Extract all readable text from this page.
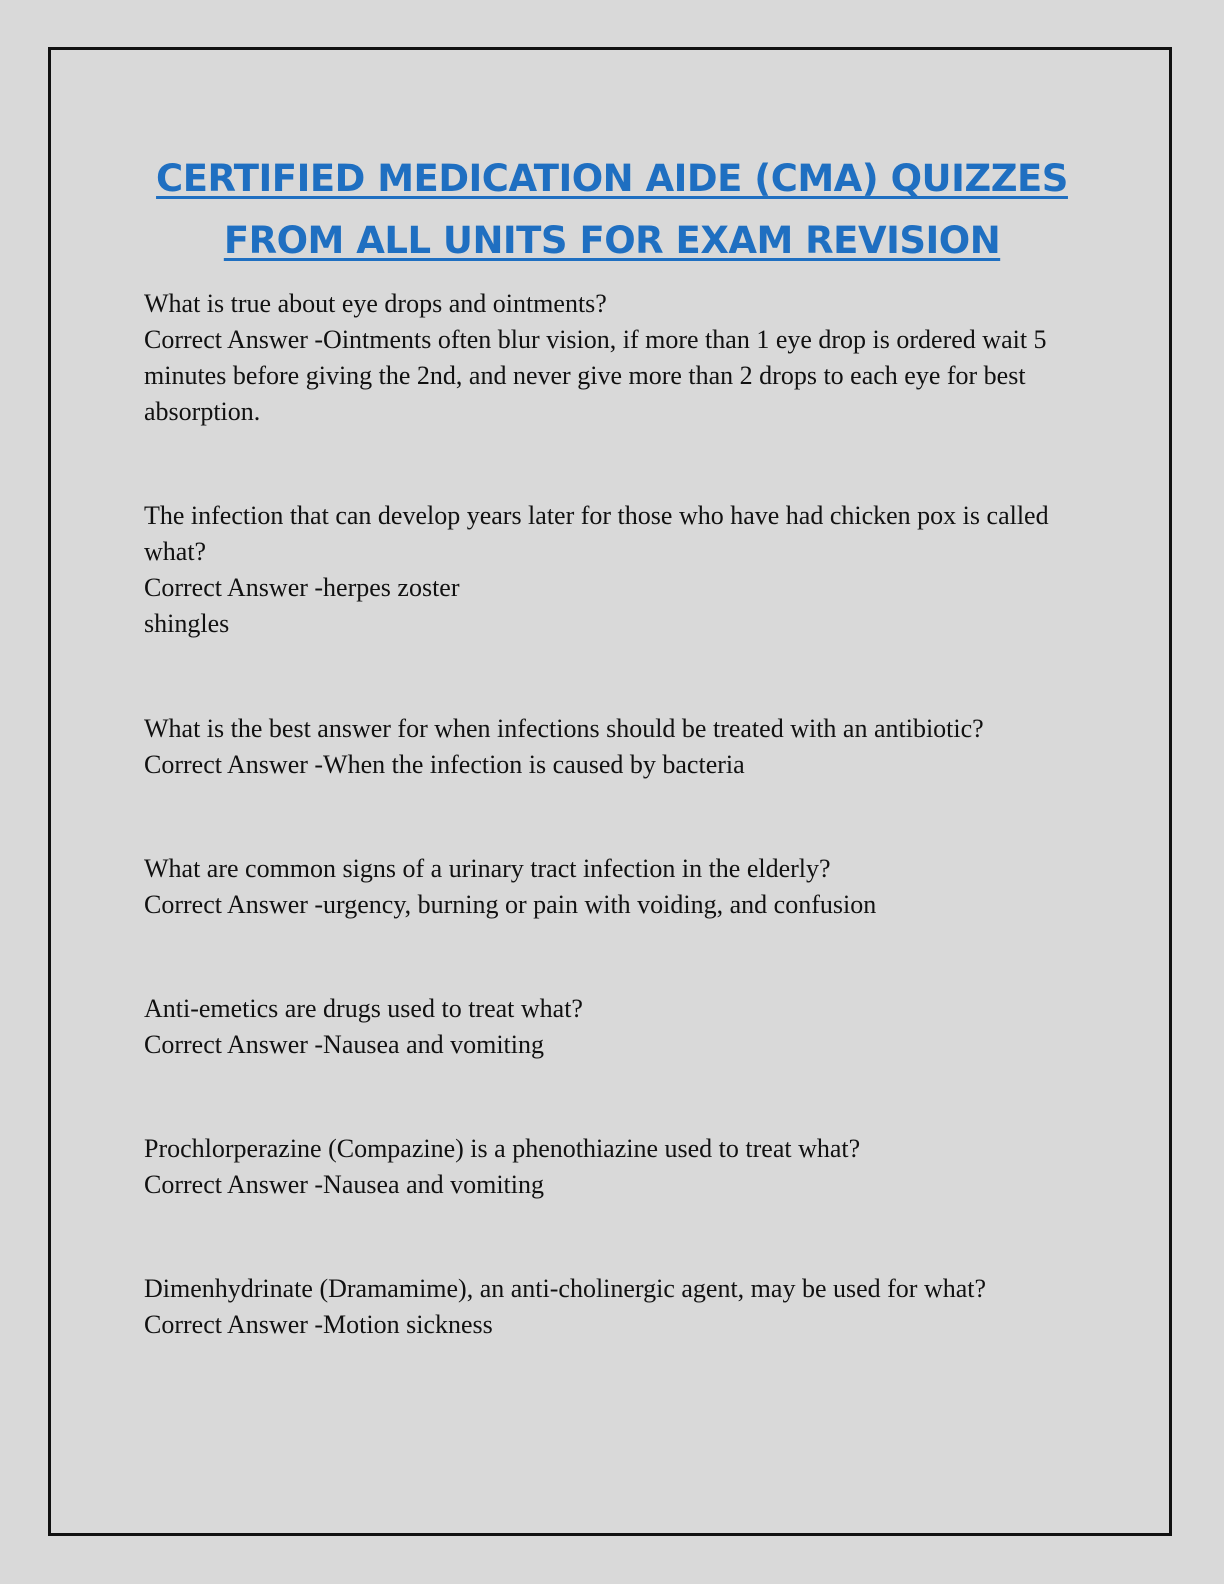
CERTIFIED MEDICATION AIDE (CMA) QUIZZES
FROM ALL UNITS FOR EXAM REVISION

What is true about eye drops and ointments?

Correct Answer -Ointments often blur vision, if more than 1 eye drop is ordered wait 5 minutes before giving the 2nd, and never give more than 2 drops to each eye for best absorption.

The infection that can develop years later for those who have had chicken pox is called what?

Correct Answer -herpes zoster

shingles

What is the best answer for when infections should be treated with an antibiotic?

Correct Answer -When the infection is caused by bacteria

What are common signs of a urinary tract infection in the elderly?

Correct Answer -urgency, burning or pain with voiding, and confusion

Anti-emetics are drugs used to treat what?

Correct Answer -Nausea and vomiting

Prochlorperazine (Compazine) is a phenothiazine used to treat what?

Correct Answer -Nausea and vomiting

Dimenhydrinate (Dramamime), an anti-cholinergic agent, may be used for what?

Correct Answer -Motion sickness
